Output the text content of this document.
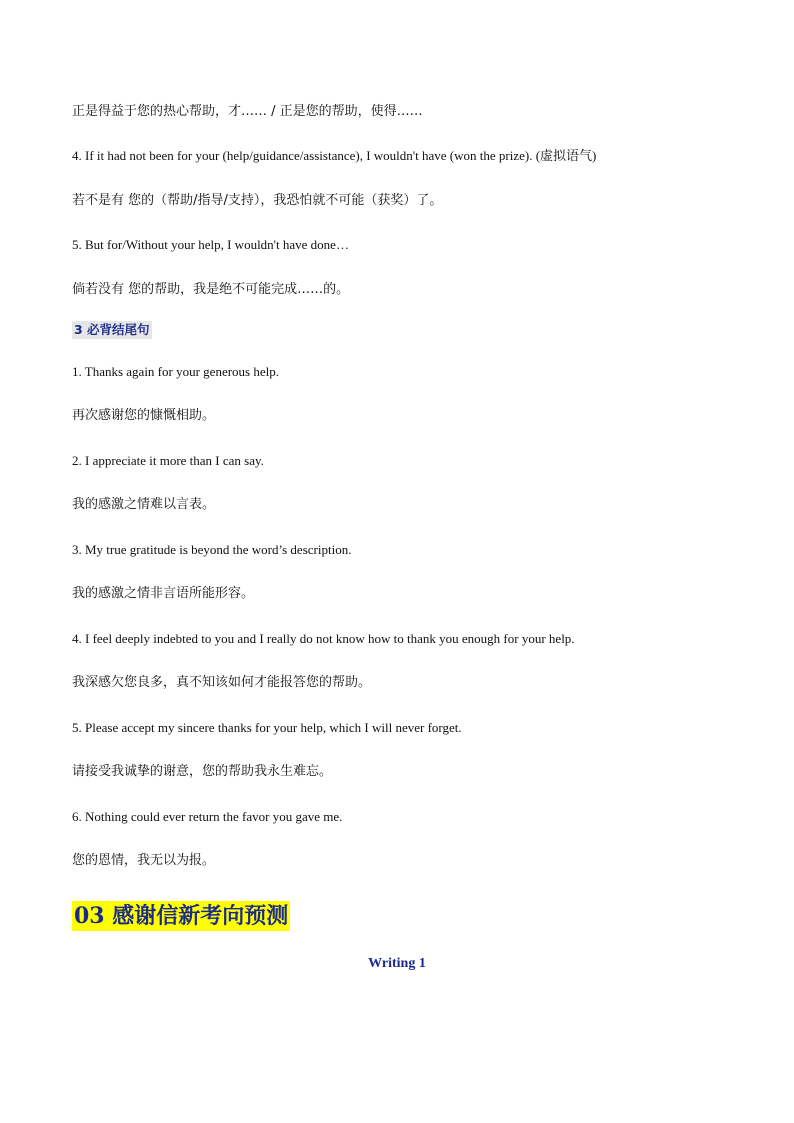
正是得益于您的热心帮助，才…… / 正是您的帮助，使得……
4. If it had not been for your (help/guidance/assistance), I wouldn't have (won the prize). (虚拟语气)
若不是有 您的（帮助/指导/支持），我恐怕就不可能（获奖）了。
5. But for/Without your help, I wouldn't have done…
倘若没有 您的帮助，我是绝不可能完成……的。
3 必背结尾句
1. Thanks again for your generous help.
再次感谢您的慷慨相助。
2. I appreciate it more than I can say.
我的感激之情难以言表。
3. My true gratitude is beyond the word’s description.
我的感激之情非言语所能形容。
4. I feel deeply indebted to you and I really do not know how to thank you enough for your help.
我深感欠您良多，真不知该如何才能报答您的帮助。
5. Please accept my sincere thanks for your help, which I will never forget.
请接受我诚挚的谢意，您的帮助我永生难忘。
6. Nothing could ever return the favor you gave me.
您的恩情，我无以为报。
03 感谢信新考向预测
Writing 1
